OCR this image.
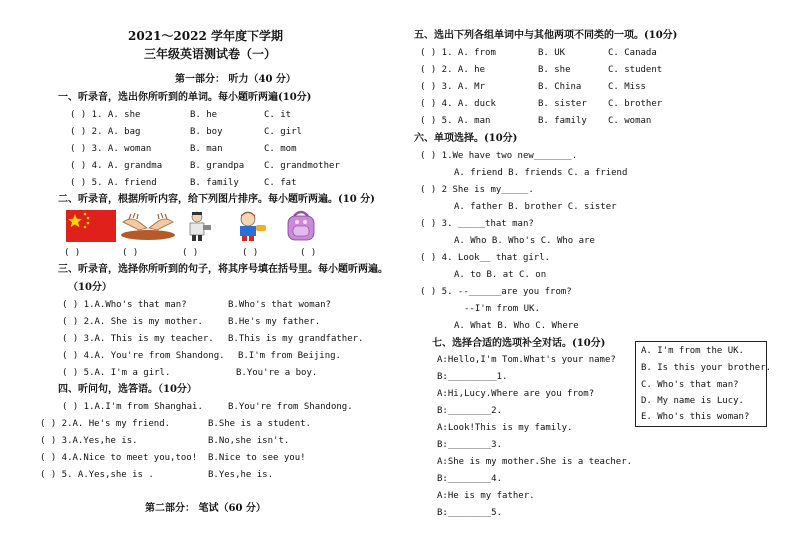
2021～2022 学年度下学期
三年级英语测试卷（一）
第一部分： 听力（40 分）
一、听录音，选出你所听到的单词。每小题听两遍(10分)
( ) 1. A. she	B. he	C. it
( ) 2. A. bag	B. boy	C. girl
( ) 3. A. woman	B. man	C. mom
( ) 4. A. grandma	B. grandpa C. grandmother
( ) 5. A. friend	B. family	C. fat
二、听录音，根据所听内容，给下列图片排序。每小题听两遍。(10 分)
( )	( )	( )	( )	( )
三、听录音，选择你所听到的句子，将其序号填在括号里。每小题听两遍。
（10分）
( ) 1.A.Who's that man?	B.Who's that woman?
( ) 2.A. She is my mother.	B.He's my father.
( ) 3.A. This is my teacher. B.This is my grandfather.
( ) 4.A. You're from Shandong. B.I'm from Beijing.
( ) 5.A. I'm a girl.	B.You're a boy.
四、听问句，选答语。（10分）
( ) 1.A.I'm from Shanghai.	B.You're from Shandong.
( ) 2.A. He's my friend.	B.She is a student.
( ) 3.A.Yes,he is.	B.No,she isn't.
( ) 4.A.Nice to meet you,too! B.Nice to see you!
( ) 5. A.Yes,she is .	B.Yes,he is.
第二部分： 笔试（60 分）
五、选出下列各组单词中与其他两项不同类的一项。(10分)
( ) 1. A. from	B. UK	C. Canada
( ) 2. A. he	B. she	C. student
( ) 3. A. Mr	B. China	C. Miss
( ) 4. A. duck	B. sister C. brother
( ) 5. A. man	B. family C. woman
六、单项选择。(10分)
( ) 1.We have two new_______.
A. friend B. friends C. a friend
( ) 2 She is my_____.
A. father B. brother C. sister
( ) 3. _____that man?
A. Who B. Who's C. Who are
( ) 4. Look__ that girl.
A. to B. at C. on
( ) 5. --______are you from?
--I'm from UK.
A. What B. Who C. Where
七、选择合适的选项补全对话。(10分)
A:Hello,I'm Tom.What's your name?
B:_________1.
A:Hi,Lucy.Where are you from?
B:________2.
A:Look!This is my family.
B:________3.
A:She is my mother.She is a teacher.
B:________4.
A:He is my father.
B:________5.
A. I'm from the UK.
B. Is this your brother.
C. Who's that man?
D. My name is Lucy.
E. Who's this woman?
